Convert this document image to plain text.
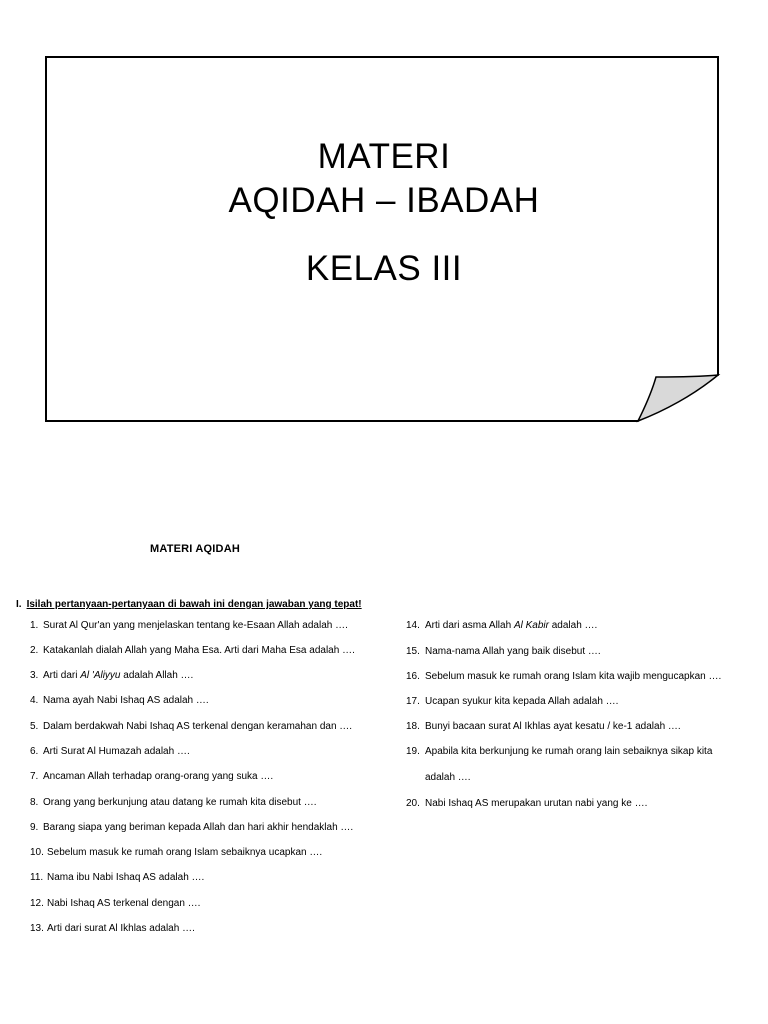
MATERI
AQIDAH – IBADAH
KELAS III
MATERI AQIDAH
I. Isilah pertanyaan-pertanyaan di bawah ini dengan jawaban yang tepat!
1. Surat Al Qur'an yang menjelaskan tentang ke-Esaan Allah adalah ….
2. Katakanlah dialah Allah yang Maha Esa. Arti dari Maha Esa adalah ….
3. Arti dari Al 'Aliyyu adalah Allah ….
4. Nama ayah Nabi Ishaq AS adalah ….
5. Dalam berdakwah Nabi Ishaq AS terkenal dengan keramahan dan ….
6. Arti Surat Al Humazah adalah ….
7. Ancaman Allah terhadap orang-orang yang suka ….
8. Orang yang berkunjung atau datang ke rumah kita disebut ….
9. Barang siapa yang beriman kepada Allah dan hari akhir hendaklah ….
10. Sebelum masuk ke rumah orang Islam sebaiknya ucapkan ….
11. Nama ibu Nabi Ishaq AS adalah ….
12. Nabi Ishaq AS terkenal dengan ….
13. Arti dari surat Al Ikhlas adalah ….
14. Arti dari asma Allah Al Kabir adalah ….
15. Nama-nama Allah yang baik disebut ….
16. Sebelum masuk ke rumah orang Islam kita wajib mengucapkan ….
17. Ucapan syukur kita kepada Allah adalah ….
18. Bunyi bacaan surat Al Ikhlas ayat kesatu / ke-1 adalah ….
19. Apabila kita berkunjung ke rumah orang lain sebaiknya sikap kita
adalah ….
20. Nabi Ishaq AS merupakan urutan nabi yang ke ….
